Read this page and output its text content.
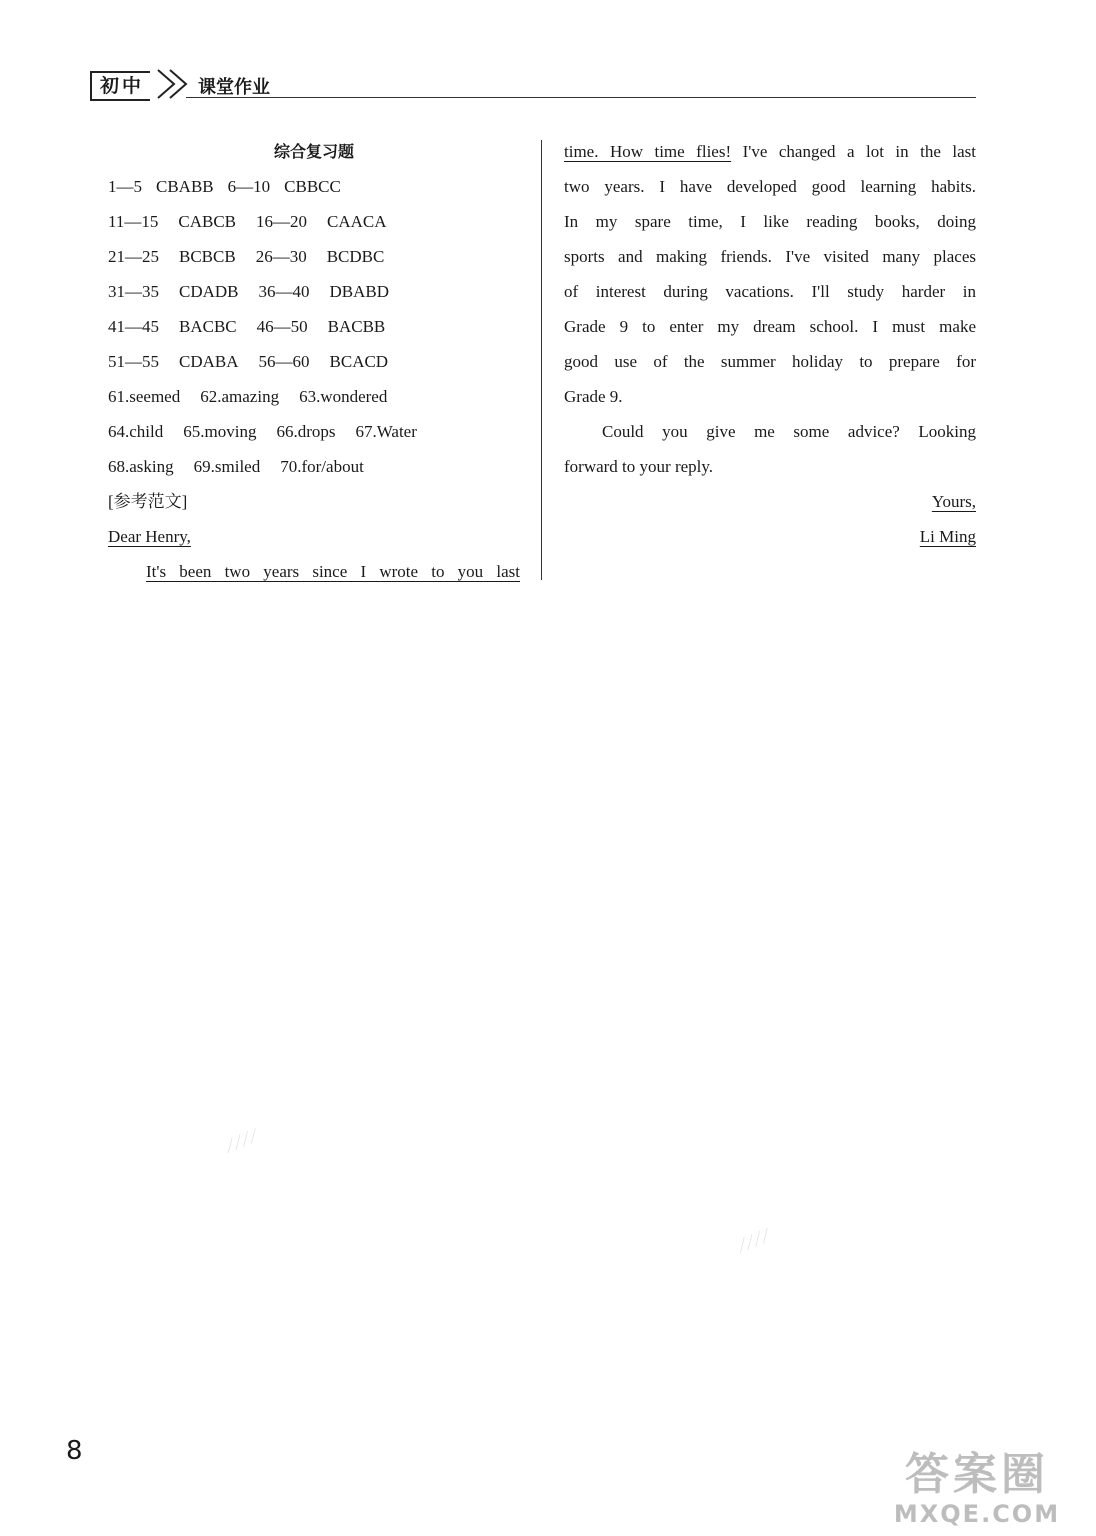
初中	课堂作业
综合复习题
1—5 CBABB 6—10 CBBCC
11—15 CABCB 16—20 CAACA
21—25 BCBCB 26—30 BCDBC
31—35 CDADB 36—40 DBABD
41—45 BACBC 46—50 BACBB
51—55 CDABA 56—60 BCACD
61.seemed 62.amazing 63.wondered
64.child 65.moving 66.drops 67.Water
68.asking 69.smiled 70.for/about
[参考范文]
Dear Henry,
It's been two years since I wrote to you last
time. How time flies! I've changed a lot in the last
two years. I have developed good learning habits.
In my spare time, I like reading books, doing
sports and making friends. I've visited many places
of interest during vacations. I'll study harder in
Grade 9 to enter my dream school. I must make
good use of the summer holiday to prepare for
Grade 9.
Could you give me some advice? Looking
forward to your reply.
Yours,
Li Ming
⁄ ⁄ ⁄ ⁄
⁄ ⁄ ⁄ ⁄
8	答案圈
MXQE.COM
